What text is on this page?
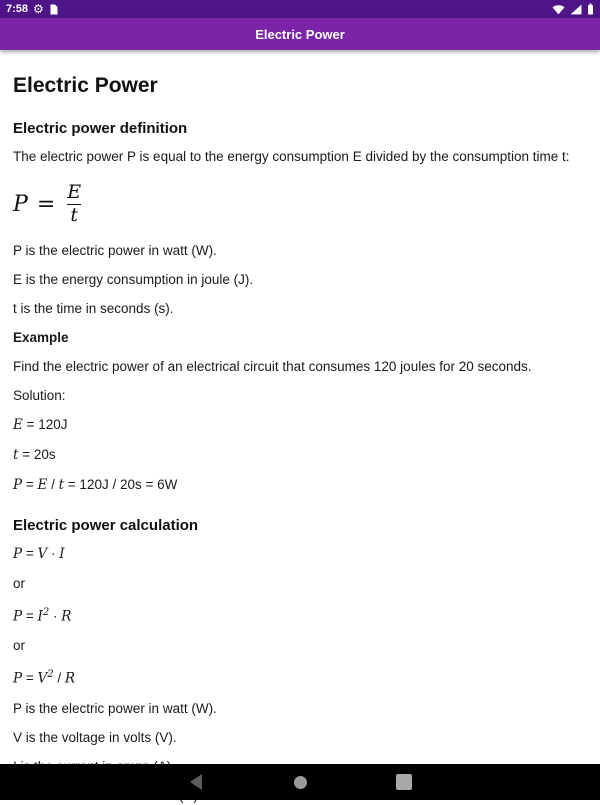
7:58 ⚙
Electric Power
Electric Power
Electric power definition

The electric power P is equal to the energy consumption E divided by the consumption time t:

$P = \frac{E}{t}$

P is the electric power in watt (W).

E is the energy consumption in joule (J).

t is the time in seconds (s).

Example

Find the electric power of an electrical circuit that consumes 120 joules for 20 seconds.

Solution:

E = 120J

t = 20s

P = E / t = 120J / 20s = 6W

Electric power calculation

P = V · I

or

$P = I^2 \cdot R$

or

$P = V^2 / R$

P is the electric power in watt (W).

V is the voltage in volts (V).
